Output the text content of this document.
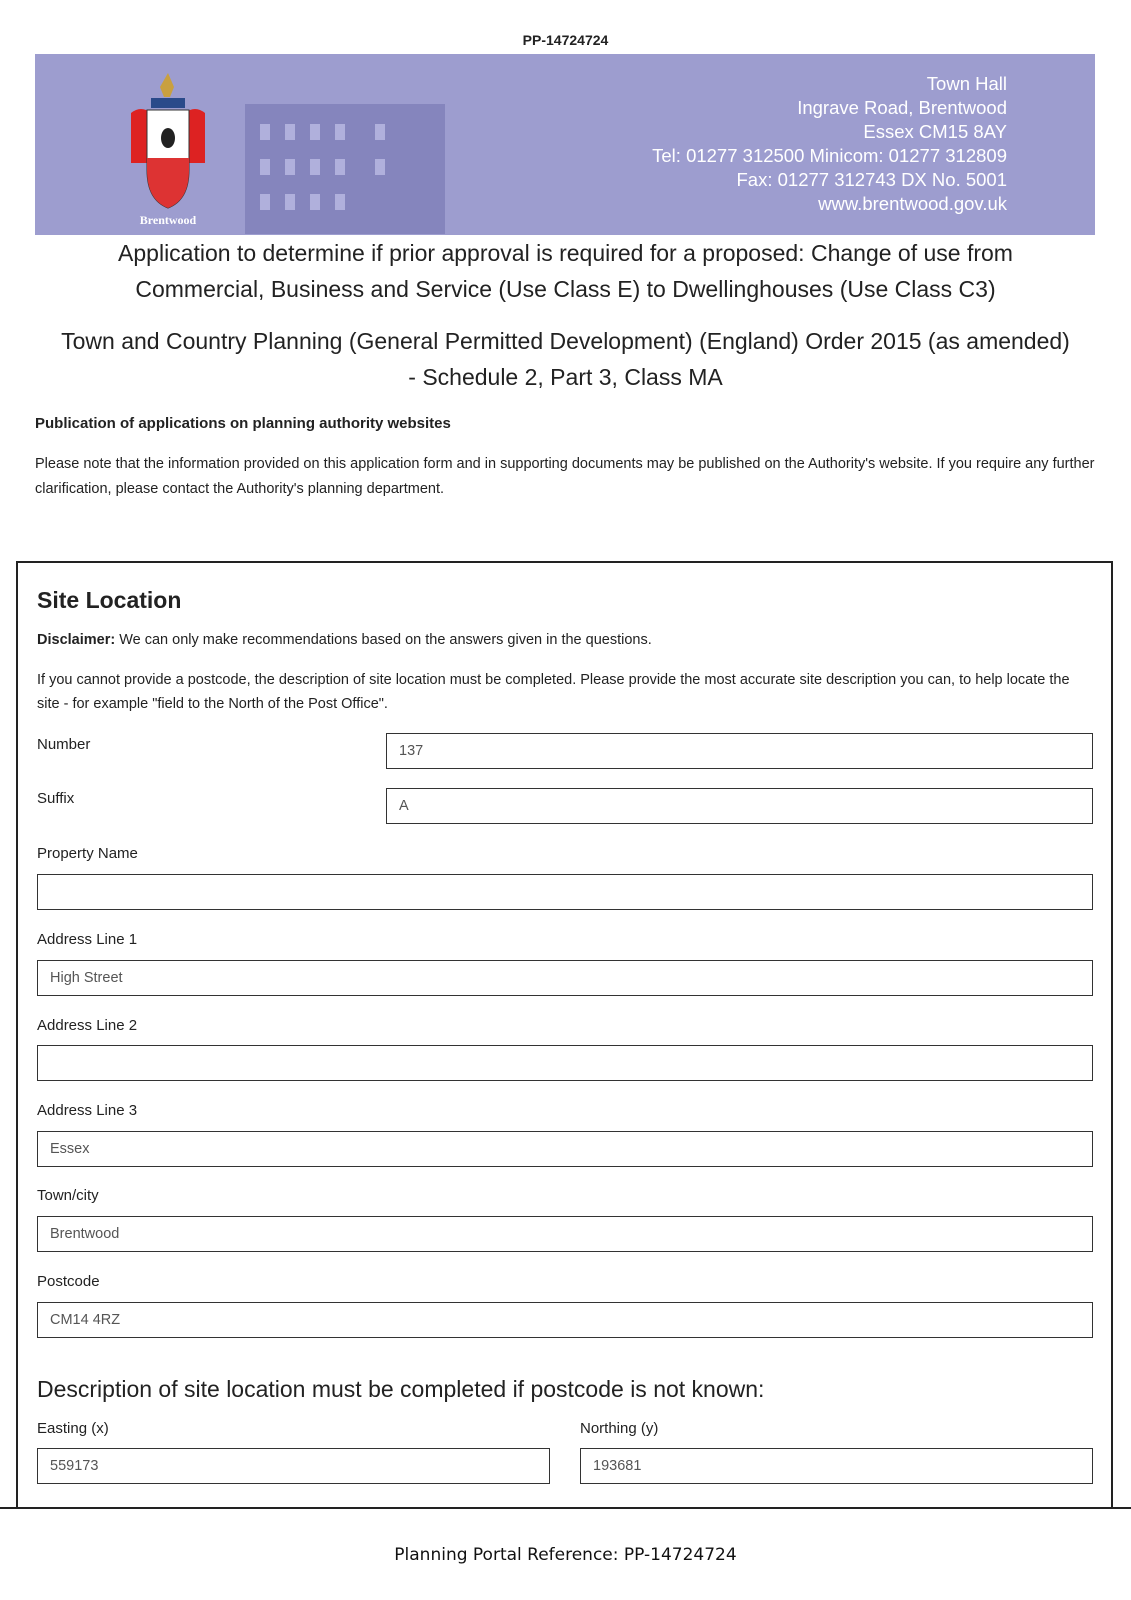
PP-14724724
Brentwood
Town Hall
Ingrave Road, Brentwood
Essex CM15 8AY
Tel: 01277 312500 Minicom: 01277 312809
Fax: 01277 312743 DX No. 5001
www.brentwood.gov.uk
Application to determine if prior approval is required for a proposed: Change of use from Commercial, Business and Service (Use Class E) to Dwellinghouses (Use Class C3)
Town and Country Planning (General Permitted Development) (England) Order 2015 (as amended) - Schedule 2, Part 3, Class MA
Publication of applications on planning authority websites
Please note that the information provided on this application form and in supporting documents may be published on the Authority's website. If you require any further clarification, please contact the Authority's planning department.
Site Location
Disclaimer: We can only make recommendations based on the answers given in the questions.
If you cannot provide a postcode, the description of site location must be completed. Please provide the most accurate site description you can, to help locate the site - for example "field to the North of the Post Office".
Number	137
Suffix	A
Property Name
Address Line 1
High Street
Address Line 2
Address Line 3
Essex
Town/city
Brentwood
Postcode
CM14 4RZ
Description of site location must be completed if postcode is not known:
Easting (x)
559173
Northing (y)
193681
Planning Portal Reference: PP-14724724
